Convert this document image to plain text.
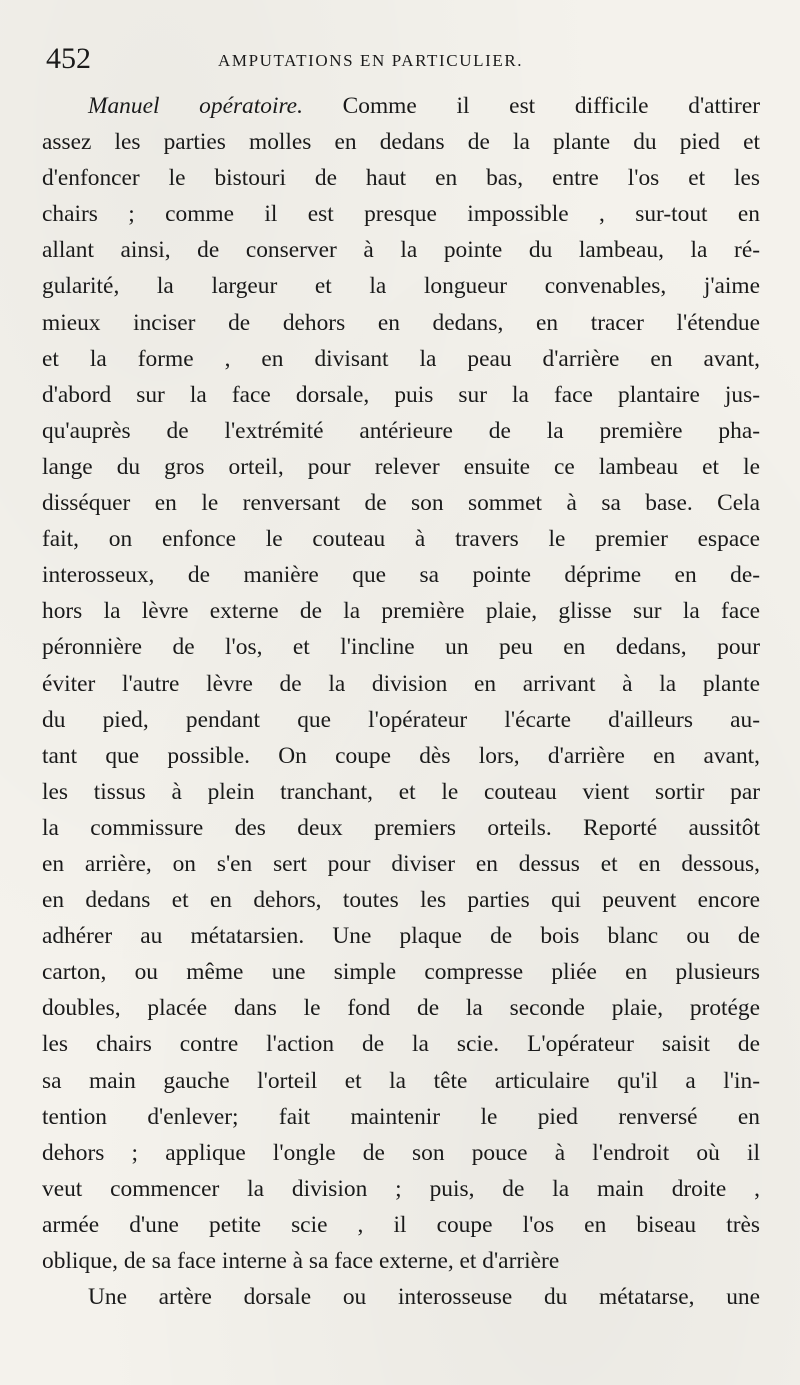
452	AMPUTATIONS EN PARTICULIER.
Manuel opératoire. Comme il est difficile d'attirer
assez les parties molles en dedans de la plante du pied et
d'enfoncer le bistouri de haut en bas, entre l'os et les
chairs ; comme il est presque impossible , sur-tout en
allant ainsi, de conserver à la pointe du lambeau, la ré-
gularité, la largeur et la longueur convenables, j'aime
mieux inciser de dehors en dedans, en tracer l'étendue
et la forme , en divisant la peau d'arrière en avant,
d'abord sur la face dorsale, puis sur la face plantaire jus-
qu'auprès de l'extrémité antérieure de la première pha-
lange du gros orteil, pour relever ensuite ce lambeau et le
disséquer en le renversant de son sommet à sa base. Cela
fait, on enfonce le couteau à travers le premier espace
interosseux, de manière que sa pointe déprime en de-
hors la lèvre externe de la première plaie, glisse sur la face
péronnière de l'os, et l'incline un peu en dedans, pour
éviter l'autre lèvre de la division en arrivant à la plante
du pied, pendant que l'opérateur l'écarte d'ailleurs au-
tant que possible. On coupe dès lors, d'arrière en avant,
les tissus à plein tranchant, et le couteau vient sortir par
la commissure des deux premiers orteils. Reporté aussitôt
en arrière, on s'en sert pour diviser en dessus et en dessous,
en dedans et en dehors, toutes les parties qui peuvent encore
adhérer au métatarsien. Une plaque de bois blanc ou de
carton, ou même une simple compresse pliée en plusieurs
doubles, placée dans le fond de la seconde plaie, protége
les chairs contre l'action de la scie. L'opérateur saisit de
sa main gauche l'orteil et la tête articulaire qu'il a l'in-
tention d'enlever; fait maintenir le pied renversé en
dehors ; applique l'ongle de son pouce à l'endroit où il
veut commencer la division ; puis, de la main droite ,
armée d'une petite scie , il coupe l'os en biseau très
oblique, de sa face interne à sa face externe, et d'arrière
Une artère dorsale ou interosseuse du métatarse, une
